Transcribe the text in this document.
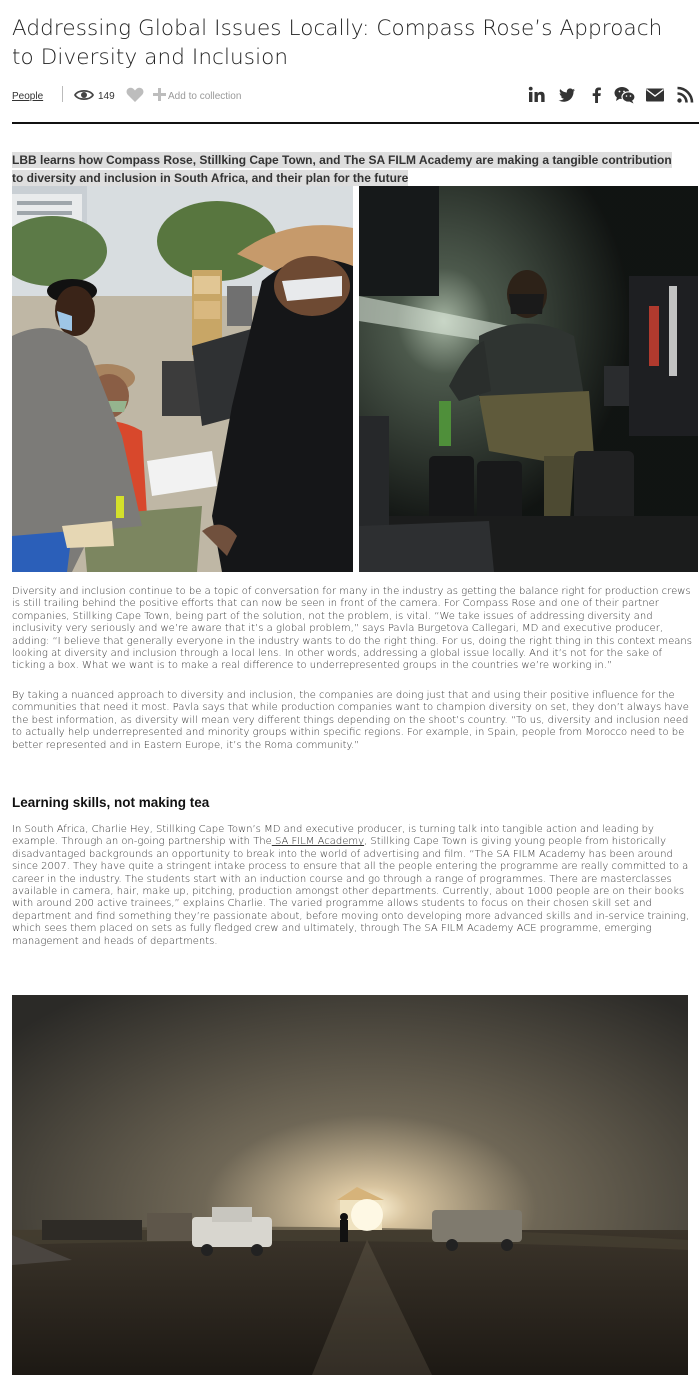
Addressing Global Issues Locally: Compass Rose’s Approach to Diversity and Inclusion
People	149	Add to collection

LBB learns how Compass Rose, Stillking Cape Town, and The SA FILM Academy are making a tangible contribution to diversity and inclusion in South Africa, and their plan for the future

Diversity and inclusion continue to be a topic of conversation for many in the industry as getting the balance right for production crews is still trailing behind the positive efforts that can now be seen in front of the camera. For Compass Rose and one of their partner companies, Stillking Cape Town, being part of the solution, not the problem, is vital. “We take issues of addressing diversity and inclusivity very seriously and we’re aware that it’s a global problem,” says Pavla Burgetova Callegari, MD and executive producer, adding: “I believe that generally everyone in the industry wants to do the right thing. For us, doing the right thing in this context means looking at diversity and inclusion through a local lens. In other words, addressing a global issue locally. And it’s not for the sake of ticking a box. What we want is to make a real difference to underrepresented groups in the countries we’re working in.”

By taking a nuanced approach to diversity and inclusion, the companies are doing just that and using their positive influence for the communities that need it most. Pavla says that while production companies want to champion diversity on set, they don’t always have the best information, as diversity will mean very different things depending on the shoot’s country. “To us, diversity and inclusion need to actually help underrepresented and minority groups within specific regions. For example, in Spain, people from Morocco need to be better represented and in Eastern Europe, it’s the Roma community.”

Learning skills, not making tea

In South Africa, Charlie Hey, Stillking Cape Town’s MD and executive producer, is turning talk into tangible action and leading by example. Through an on-going partnership with The SA FILM Academy, Stillking Cape Town is giving young people from historically disadvantaged backgrounds an opportunity to break into the world of advertising and film. “The SA FILM Academy has been around since 2007. They have quite a stringent intake process to ensure that all the people entering the programme are really committed to a career in the industry. The students start with an induction course and go through a range of programmes. There are masterclasses available in camera, hair, make up, pitching, production amongst other departments. Currently, about 1000 people are on their books with around 200 active trainees,” explains Charlie. The varied programme allows students to focus on their chosen skill set and department and find something they’re passionate about, before moving onto developing more advanced skills and in-service training, which sees them placed on sets as fully fledged crew and ultimately, through The SA FILM Academy ACE programme, emerging management and heads of departments.
